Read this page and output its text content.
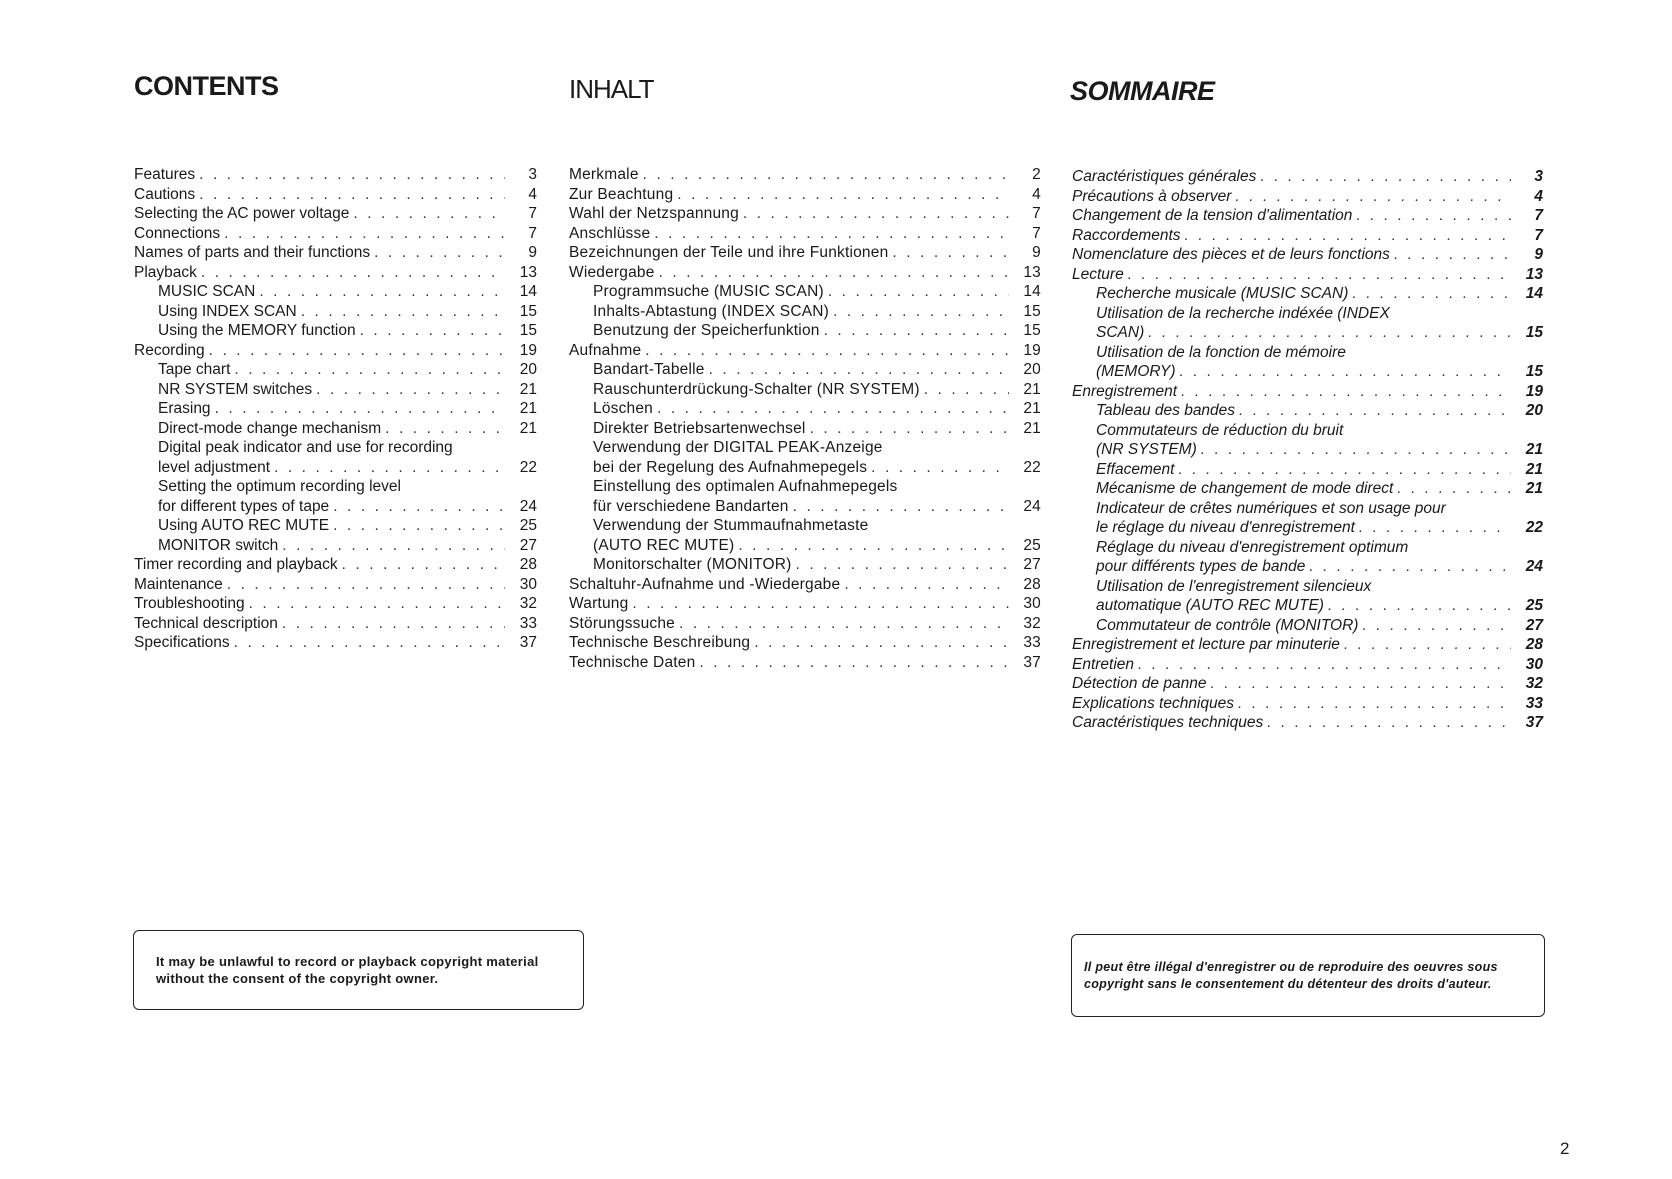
CONTENTS	INHALT	SOMMAIRE
Features . . .	3
Cautions . . .	4
Selecting the AC power voltage . . .	7
Connections . . .	7
Names of parts and their functions . . .	9
Playback . . .	13
MUSIC SCAN . . .	14
Using INDEX SCAN . . .	15
Using the MEMORY function . . .	15
Recording . . .	19
Tape chart . . .	20
NR SYSTEM switches . . .	21
Erasing . . .	21
Direct-mode change mechanism . . .	21
Digital peak indicator and use for recording
level adjustment . . .	22
Setting the optimum recording level
for different types of tape . . .	24
Using AUTO REC MUTE . . .	25
MONITOR switch . . .	27
Timer recording and playback . . .	28
Maintenance . . .	30
Troubleshooting . . .	32
Technical description . . .	33
Specifications . . .	37
Merkmale . . .	2
Zur Beachtung . . .	4
Wahl der Netzspannung . . .	7
Anschlüsse . . .	7
Bezeichnungen der Teile und ihre Funktionen . . .	9
Wiedergabe . . .	13
Programmsuche (MUSIC SCAN) . . .	14
Inhalts-Abtastung (INDEX SCAN) . . .	15
Benutzung der Speicherfunktion . . .	15
Aufnahme . . .	19
Bandart-Tabelle . . .	20
Rauschunterdrückung-Schalter (NR SYSTEM) . . .	21
Löschen . . .	21
Direkter Betriebsartenwechsel . . .	21
Verwendung der DIGITAL PEAK-Anzeige
bei der Regelung des Aufnahmepegels . . .	22
Einstellung des optimalen Aufnahmepegels
für verschiedene Bandarten . . .	24
Verwendung der Stummaufnahmetaste
(AUTO REC MUTE) . . .	25
Monitorschalter (MONITOR) . . .	27
Schaltuhr-Aufnahme und -Wiedergabe . . .	28
Wartung . . .	30
Störungssuche . . .	32
Technische Beschreibung . . .	33
Technische Daten . . .	37
Caractéristiques générales . . .	3
Précautions à observer . . .	4
Changement de la tension d'alimentation . . .	7
Raccordements . . .	7
Nomenclature des pièces et de leurs fonctions . . .	9
Lecture . . .	13
Recherche musicale (MUSIC SCAN) . . .	14
Utilisation de la recherche indéxée (INDEX
SCAN) . . .	15
Utilisation de la fonction de mémoire
(MEMORY) . . .	15
Enregistrement . . .	19
Tableau des bandes . . .	20
Commutateurs de réduction du bruit
(NR SYSTEM) . . .	21
Effacement . . .	21
Mécanisme de changement de mode direct . . .	21
Indicateur de crêtes numériques et son usage pour
le réglage du niveau d'enregistrement . . .	22
Réglage du niveau d'enregistrement optimum
pour différents types de bande . . .	24
Utilisation de l'enregistrement silencieux
automatique (AUTO REC MUTE) . . .	25
Commutateur de contrôle (MONITOR) . . .	27
Enregistrement et lecture par minuterie . . .	28
Entretien . . .	30
Détection de panne . . .	32
Explications techniques . . .	33
Caractéristiques techniques . . .	37
It may be unlawful to record or playback copyright material without the consent of the copyright owner.
Il peut être illégal d'enregistrer ou de reproduire des oeuvres sous copyright sans le consentement du détenteur des droits d'auteur.
2
